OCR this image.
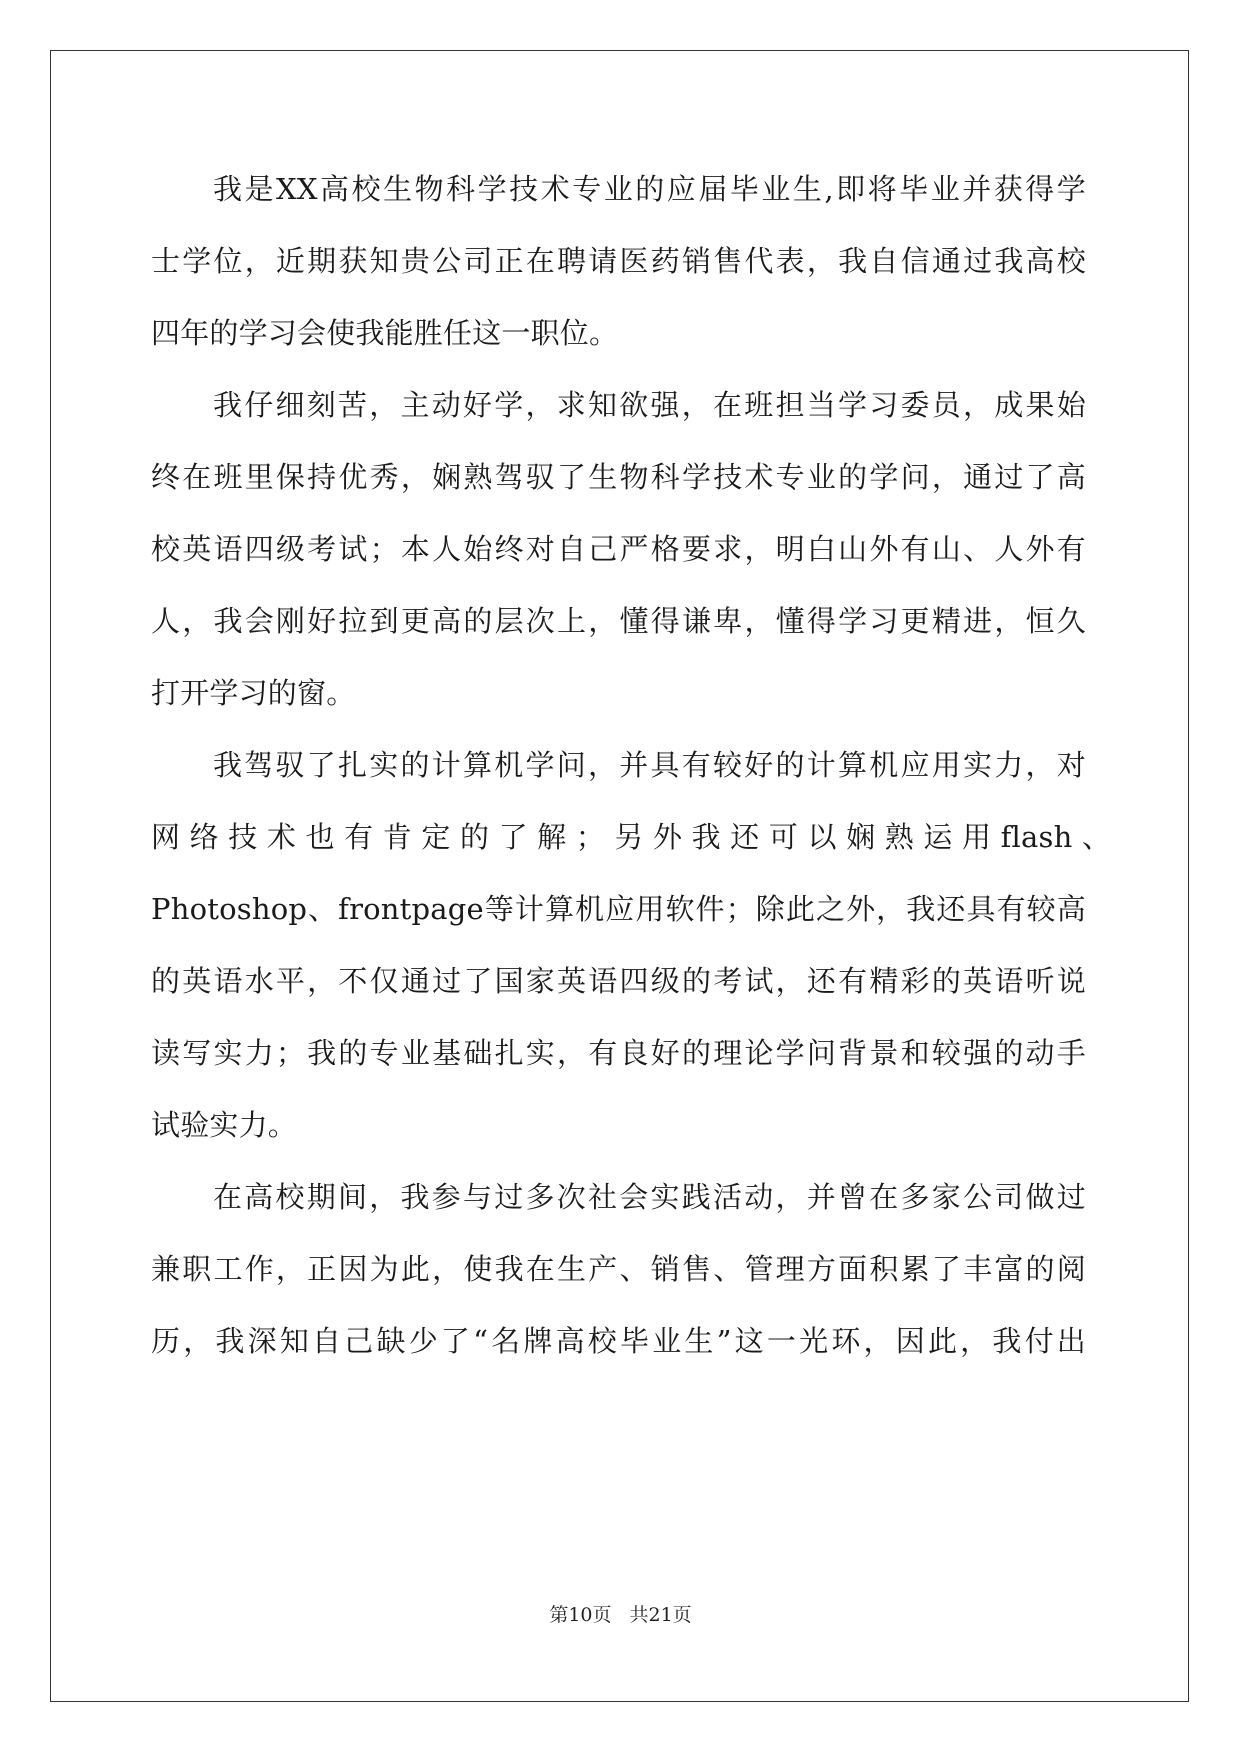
我是XX高校生物科学技术专业的应届毕业生,即将毕业并获得学
士学位，近期获知贵公司正在聘请医药销售代表，我自信通过我高校
四年的学习会使我能胜任这一职位。
我仔细刻苦，主动好学，求知欲强，在班担当学习委员，成果始
终在班里保持优秀，娴熟驾驭了生物科学技术专业的学问，通过了高
校英语四级考试；本人始终对自己严格要求，明白山外有山、人外有
人，我会刚好拉到更高的层次上，懂得谦卑，懂得学习更精进，恒久
打开学习的窗。
我驾驭了扎实的计算机学问，并具有较好的计算机应用实力，对
网 络 技 术 也 有 肯 定 的 了 解 ； 另 外 我 还 可 以 娴 熟 运 用 flash 、
Photoshop、frontpage等计算机应用软件；除此之外，我还具有较高
的英语水平，不仅通过了国家英语四级的考试，还有精彩的英语听说
读写实力；我的专业基础扎实，有良好的理论学问背景和较强的动手
试验实力。
在高校期间，我参与过多次社会实践活动，并曾在多家公司做过
兼职工作，正因为此，使我在生产、销售、管理方面积累了丰富的阅
历，我深知自己缺少了“名牌高校毕业生”这一光环，因此，我付出
第10页 共21页
